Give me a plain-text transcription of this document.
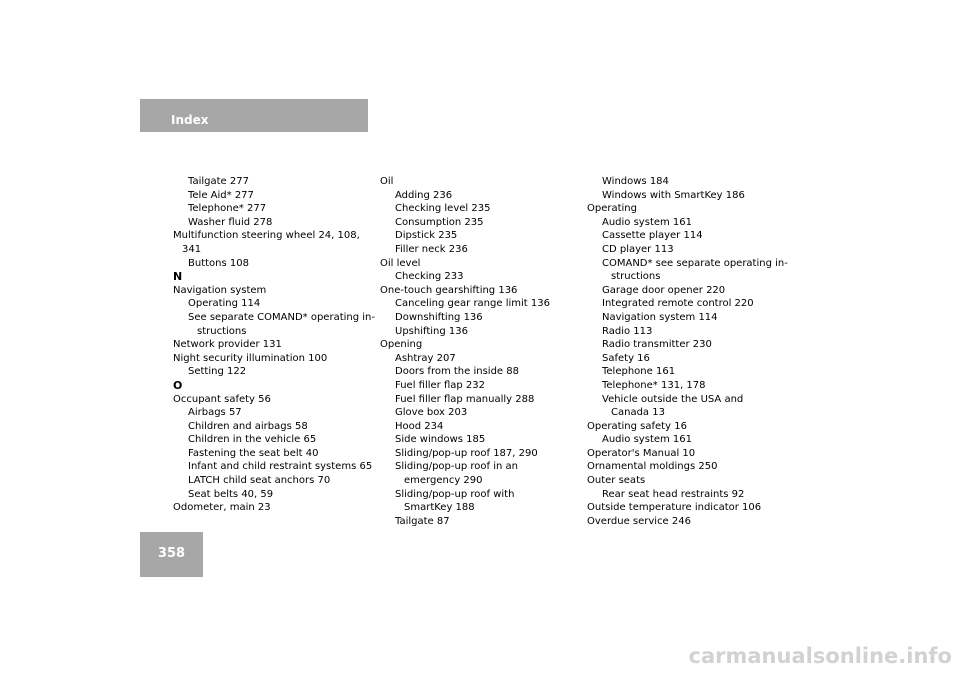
Index
Tailgate 277
Tele Aid* 277
Telephone* 277
Washer fluid 278
Multifunction steering wheel 24, 108,
341
Buttons 108
N
Navigation system
Operating 114
See separate COMAND* operating in-
structions
Network provider 131
Night security illumination 100
Setting 122
O
Occupant safety 56
Airbags 57
Children and airbags 58
Children in the vehicle 65
Fastening the seat belt 40
Infant and child restraint systems 65
LATCH child seat anchors 70
Seat belts 40, 59
Odometer, main 23
Oil
Adding 236
Checking level 235
Consumption 235
Dipstick 235
Filler neck 236
Oil level
Checking 233
One-touch gearshifting 136
Canceling gear range limit 136
Downshifting 136
Upshifting 136
Opening
Ashtray 207
Doors from the inside 88
Fuel filler flap 232
Fuel filler flap manually 288
Glove box 203
Hood 234
Side windows 185
Sliding/pop-up roof 187, 290
Sliding/pop-up roof in an
emergency 290
Sliding/pop-up roof with
SmartKey 188
Tailgate 87
Windows 184
Windows with SmartKey 186
Operating
Audio system 161
Cassette player 114
CD player 113
COMAND* see separate operating in-
structions
Garage door opener 220
Integrated remote control 220
Navigation system 114
Radio 113
Radio transmitter 230
Safety 16
Telephone 161
Telephone* 131, 178
Vehicle outside the USA and
Canada 13
Operating safety 16
Audio system 161
Operator's Manual 10
Ornamental moldings 250
Outer seats
Rear seat head restraints 92
Outside temperature indicator 106
Overdue service 246
358
carmanualsonline.info
